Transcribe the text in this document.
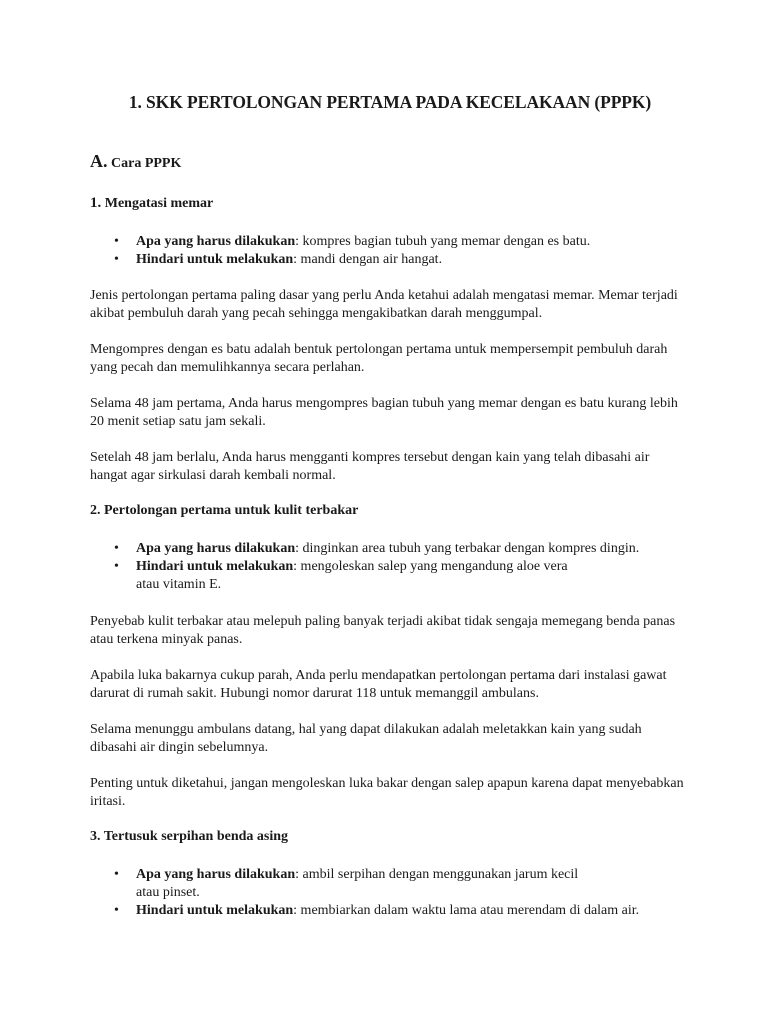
1. SKK PERTOLONGAN PERTAMA PADA KECELAKAAN (PPPK)
A. Cara PPPK
1. Mengatasi memar
• Apa yang harus dilakukan: kompres bagian tubuh yang memar dengan es batu.
• Hindari untuk melakukan: mandi dengan air hangat.
Jenis pertolongan pertama paling dasar yang perlu Anda ketahui adalah mengatasi memar. Memar terjadi akibat pembuluh darah yang pecah sehingga mengakibatkan darah menggumpal.
Mengompres dengan es batu adalah bentuk pertolongan pertama untuk mempersempit pembuluh darah yang pecah dan memulihkannya secara perlahan.
Selama 48 jam pertama, Anda harus mengompres bagian tubuh yang memar dengan es batu kurang lebih 20 menit setiap satu jam sekali.
Setelah 48 jam berlalu, Anda harus mengganti kompres tersebut dengan kain yang telah dibasahi air hangat agar sirkulasi darah kembali normal.
2. Pertolongan pertama untuk kulit terbakar
• Apa yang harus dilakukan: dinginkan area tubuh yang terbakar dengan kompres dingin.
• Hindari untuk melakukan: mengoleskan salep yang mengandung aloe vera atau vitamin E.
Penyebab kulit terbakar atau melepuh paling banyak terjadi akibat tidak sengaja memegang benda panas atau terkena minyak panas.
Apabila luka bakarnya cukup parah, Anda perlu mendapatkan pertolongan pertama dari instalasi gawat darurat di rumah sakit. Hubungi nomor darurat 118 untuk memanggil ambulans.
Selama menunggu ambulans datang, hal yang dapat dilakukan adalah meletakkan kain yang sudah dibasahi air dingin sebelumnya.
Penting untuk diketahui, jangan mengoleskan luka bakar dengan salep apapun karena dapat menyebabkan iritasi.
3. Tertusuk serpihan benda asing
• Apa yang harus dilakukan: ambil serpihan dengan menggunakan jarum kecil atau pinset.
• Hindari untuk melakukan: membiarkan dalam waktu lama atau merendam di dalam air.
